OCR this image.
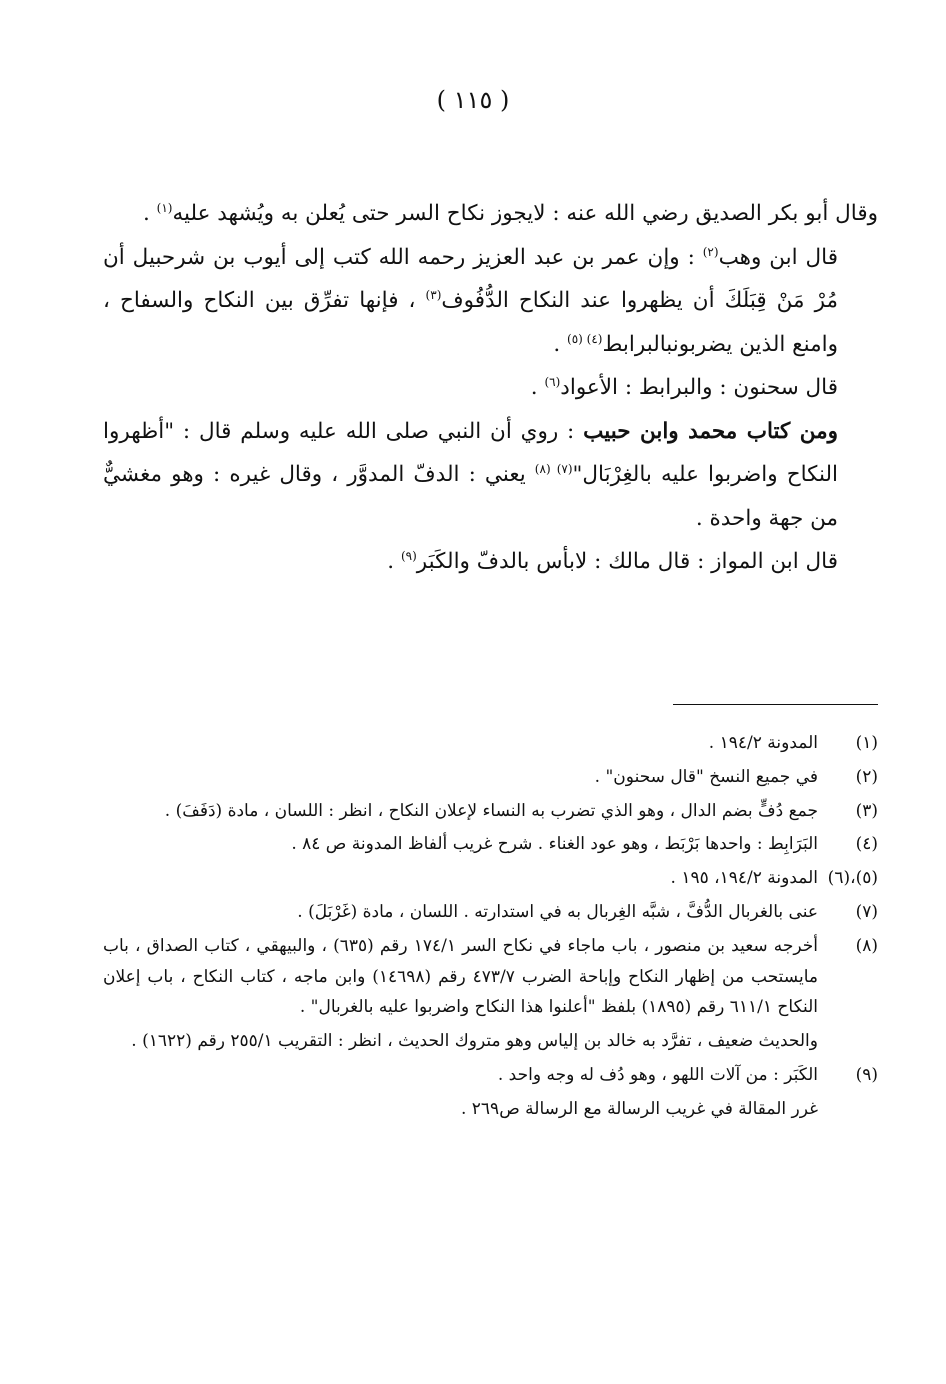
( ١١٥ )

وقال أبو بكر الصديق رضي الله عنه : لايجوز نكاح السر حتى يُعلن به ويُشهد عليه$^{(١)}$ .

قال ابن وهب$^{(٢)}$ : وإن عمر بن عبد العزيز رحمه الله كتب إلى أيوب بن شرحبيل أن مُرْ مَنْ قِبَلَكَ أن يظهروا عند النكاح الدُّفُوف$^{(٣)}$ ، فإنها تفرِّق بين النكاح والسفاح ، وامنع الذين يضربونبالبرابط$^{(٤) (٥)}$ .

قال سحنون : والبرابط : الأعواد$^{(٦)}$ .

ومن كتاب محمد وابن حبيب : روي أن النبي صلى الله عليه وسلم قال : "أظهروا النكاح واضربوا عليه بالغِرْبَال"$^{(٧) (٨)}$ يعني : الدفّ المدوَّر ، وقال غيره : وهو مغشيٌّ من جهة واحدة .

قال ابن المواز : قال مالك : لابأس بالدفّ والكَبَر$^{(٩)}$ .

(١)
المدونة ١٩٤/٢ .
(٢)
في جميع النسخ "قال سحنون" .
(٣)
جمع دُفٍّ بضم الدال ، وهو الذي تضرب به النساء لإعلان النكاح ، انظر : اللسان ، مادة (دَفَفَ) .
(٤)
البَرَابِط : واحدها بَرْبَط ، وهو عود الغناء . شرح غريب ألفاظ المدونة ص ٨٤ .
(٥)،(٦)
المدونة ١٩٤/٢، ١٩٥ .
(٧)
عنى بالغربال الدُّفَّ ، شبَّه الغِربال به في استدارته . اللسان ، مادة (غَرْبَلَ) .
(٨)
أخرجه سعيد بن منصور ، باب ماجاء في نكاح السر ١٧٤/١ رقم (٦٣٥) ، والبيهقي ، كتاب الصداق ، باب مايستحب من إظهار النكاح وإباحة الضرب ٤٧٣/٧ رقم (١٤٦٩٨) وابن ماجه ، كتاب النكاح ، باب إعلان النكاح ٦١١/١ رقم (١٨٩٥) بلفظ "أعلنوا هذا النكاح واضربوا عليه بالغربال" .
والحديث ضعيف ، تفرَّد به خالد بن إلياس وهو متروك الحديث ، انظر : التقريب ٢٥٥/١ رقم (١٦٢٢) .
(٩)
الكَبَر : من آلات اللهو ، وهو دُف له وجه واحد .
غرر المقالة في غريب الرسالة مع الرسالة ص٢٦٩ .
